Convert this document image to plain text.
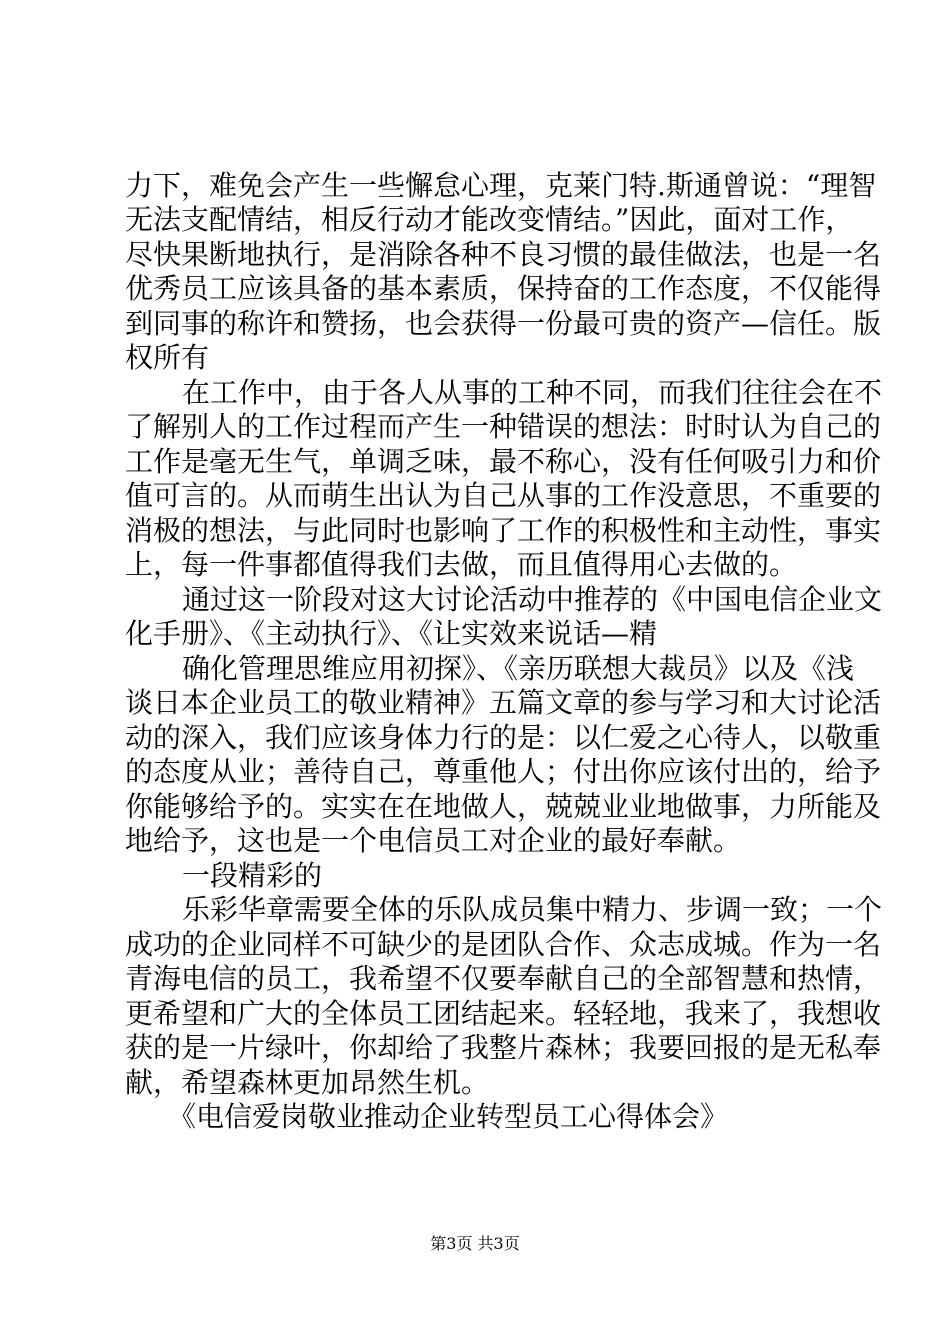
力下，难免会产生一些懈怠心理，克莱门特.斯通曾说：“理智

无法支配情结，相反行动才能改变情结。”因此，面对工作，

尽快果断地执行，是消除各种不良习惯的最佳做法，也是一名

优秀员工应该具备的基本素质，保持奋的工作态度，不仅能得

到同事的称许和赞扬，也会获得一份最可贵的资产—信任。版

权所有

在工作中，由于各人从事的工种不同，而我们往往会在不

了解别人的工作过程而产生一种错误的想法：时时认为自己的

工作是毫无生气，单调乏味，最不称心，没有任何吸引力和价

值可言的。从而萌生出认为自己从事的工作没意思，不重要的

消极的想法，与此同时也影响了工作的积极性和主动性，事实

上，每一件事都值得我们去做，而且值得用心去做的。

通过这一阶段对这大讨论活动中推荐的《中国电信企业文

化手册》、《主动执行》、《让实效来说话—精

确化管理思维应用初探》、《亲历联想大裁员》以及《浅

谈日本企业员工的敬业精神》五篇文章的参与学习和大讨论活

动的深入，我们应该身体力行的是：以仁爱之心待人，以敬重

的态度从业；善待自己，尊重他人；付出你应该付出的，给予

你能够给予的。实实在在地做人，兢兢业业地做事，力所能及

地给予，这也是一个电信员工对企业的最好奉献。

一段精彩的

乐彩华章需要全体的乐队成员集中精力、步调一致；一个

成功的企业同样不可缺少的是团队合作、众志成城。作为一名

青海电信的员工，我希望不仅要奉献自己的全部智慧和热情，

更希望和广大的全体员工团结起来。轻轻地，我来了，我想收

获的是一片绿叶，你却给了我整片森林；我要回报的是无私奉

献，希望森林更加昂然生机。

《电信爱岗敬业推动企业转型员工心得体会》

第3页 共3页
